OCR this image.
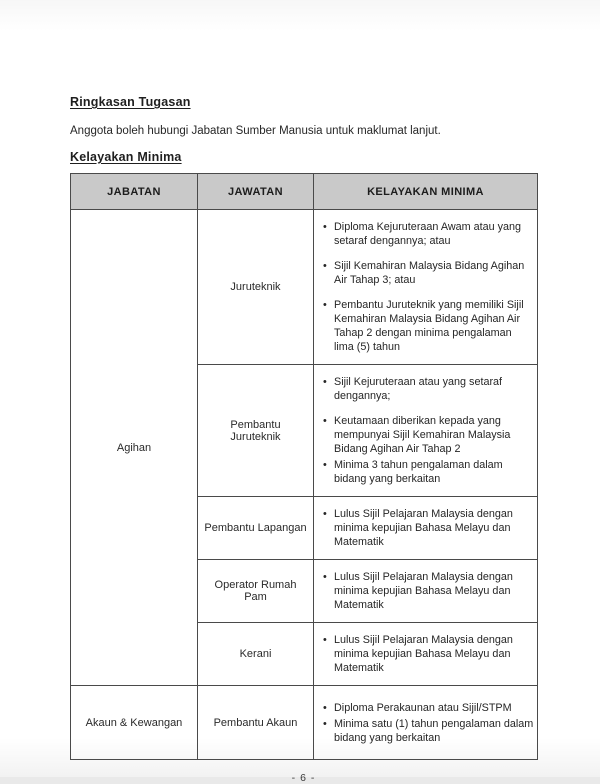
Ringkasan Tugasan

Anggota boleh hubungi Jabatan Sumber Manusia untuk maklumat lanjut.

Kelayakan Minima
JABATAN	JAWATAN	KELAYAKAN MINIMA
Agihan	Juruteknik	
• Diploma Kejuruteraan Awam atau yang setaraf dengannya; atau
• Sijil Kemahiran Malaysia Bidang Agihan Air Tahap 3; atau
• Pembantu Juruteknik yang memiliki Sijil Kemahiran Malaysia Bidang Agihan Air Tahap 2 dengan minima pengalaman lima (5) tahun

Pembantu Juruteknik	
• Sijil Kejuruteraan atau yang setaraf dengannya;
• Keutamaan diberikan kepada yang mempunyai Sijil Kemahiran Malaysia Bidang Agihan Air Tahap 2
• Minima 3 tahun pengalaman dalam bidang yang berkaitan

Pembantu Lapangan	
• Lulus Sijil Pelajaran Malaysia dengan minima kepujian Bahasa Melayu dan Matematik

Operator Rumah Pam	
• Lulus Sijil Pelajaran Malaysia dengan minima kepujian Bahasa Melayu dan Matematik

Kerani	
• Lulus Sijil Pelajaran Malaysia dengan minima kepujian Bahasa Melayu dan Matematik

Akaun & Kewangan	Pembantu Akaun	
• Diploma Perakaunan atau Sijil/STPM
• Minima satu (1) tahun pengalaman dalam bidang yang berkaitan
- 6 -
